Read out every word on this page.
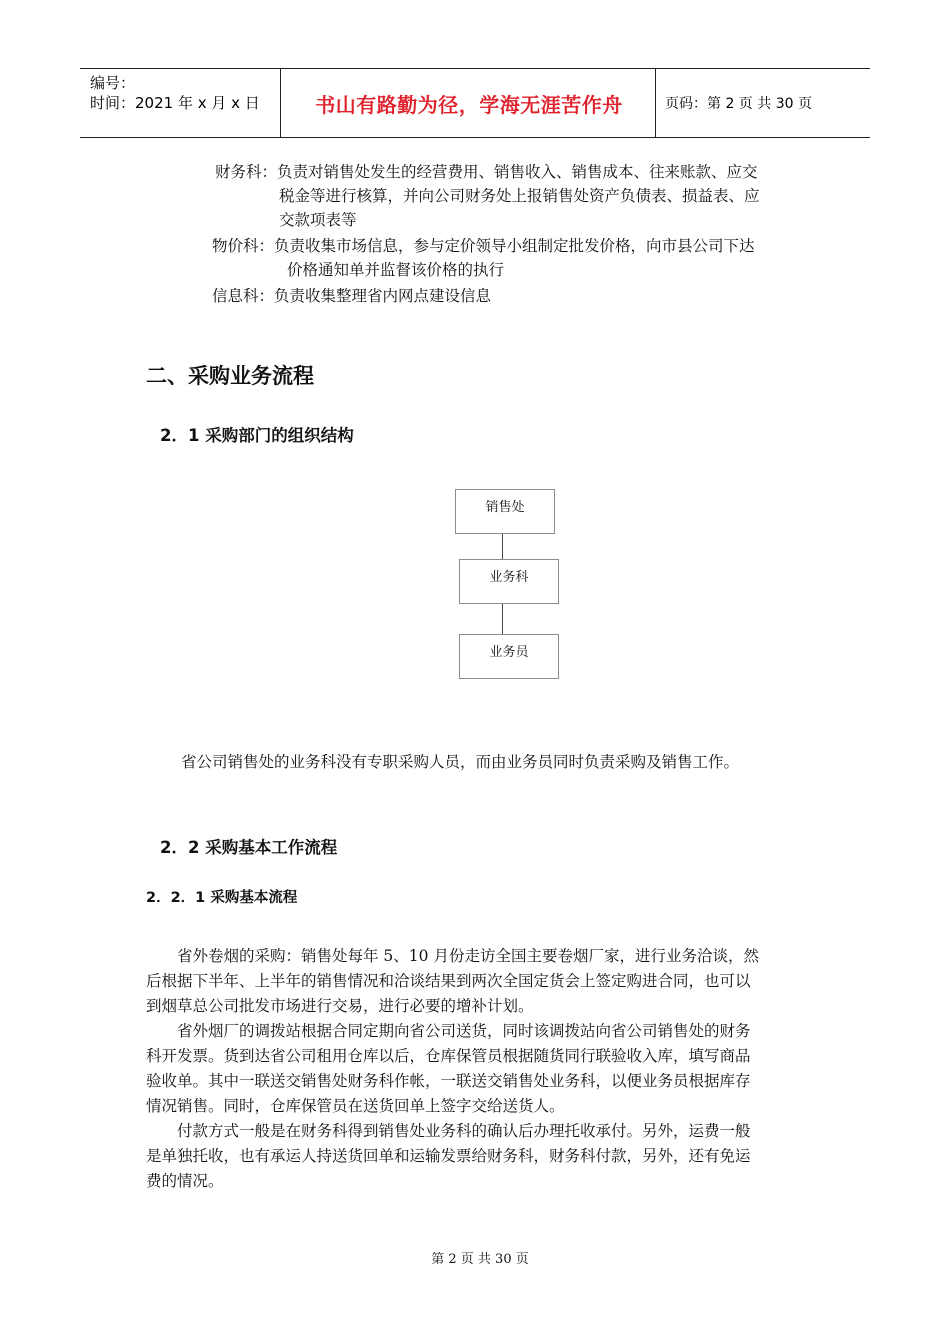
编号：
时间：2021 年 x 月 x 日	书山有路勤为径，学海无涯苦作舟	页码：第 2 页 共 30 页
财务科：负责对销售处发生的经营费用、销售收入、销售成本、往来账款、应交
税金等进行核算，并向公司财务处上报销售处资产负债表、损益表、应
交款项表等
物价科：负责收集市场信息，参与定价领导小组制定批发价格，向市县公司下达
价格通知单并监督该价格的执行
信息科：负责收集整理省内网点建设信息
二、采购业务流程
2．1 采购部门的组织结构
销售处
业务科
业务员
省公司销售处的业务科没有专职采购人员，而由业务员同时负责采购及销售工作。
2．2 采购基本工作流程
2．2．1 采购基本流程
省外卷烟的采购：销售处每年 5、10 月份走访全国主要卷烟厂家，进行业务洽谈，然
后根据下半年、上半年的销售情况和洽谈结果到两次全国定货会上签定购进合同，也可以
到烟草总公司批发市场进行交易，进行必要的增补计划。
省外烟厂的调拨站根据合同定期向省公司送货，同时该调拨站向省公司销售处的财务
科开发票。货到达省公司租用仓库以后，仓库保管员根据随货同行联验收入库，填写商品
验收单。其中一联送交销售处财务科作帐，一联送交销售处业务科，以便业务员根据库存
情况销售。同时，仓库保管员在送货回单上签字交给送货人。
付款方式一般是在财务科得到销售处业务科的确认后办理托收承付。另外，运费一般
是单独托收，也有承运人持送货回单和运输发票给财务科，财务科付款，另外，还有免运
费的情况。
第 2 页 共 30 页
